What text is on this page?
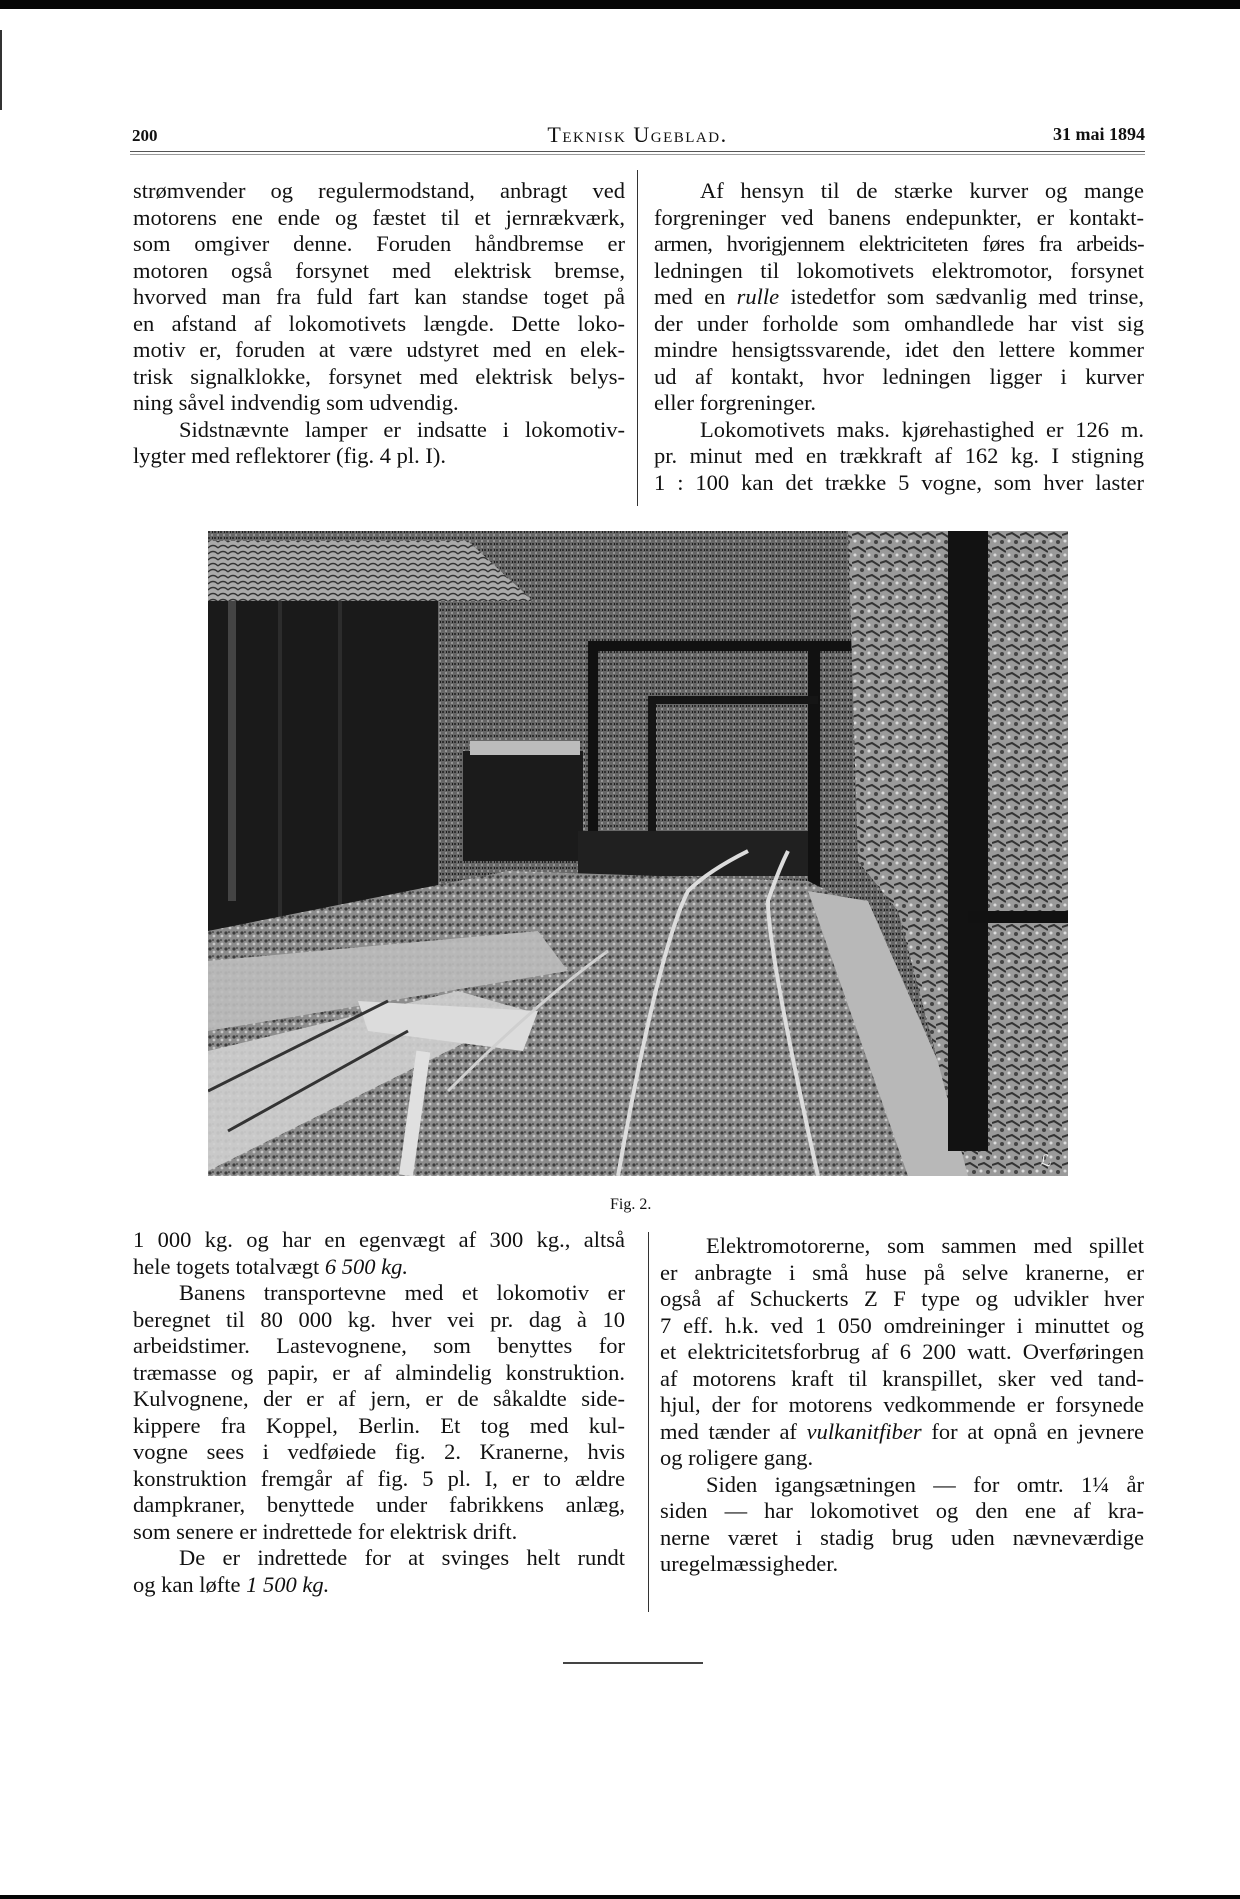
200	Teknisk Ugeblad.	31 mai 1894
strømvender og regulermodstand, anbragt ved
motorens ene ende og fæstet til et jernrækværk,
som omgiver denne. Foruden håndbremse er
motoren også forsynet med elektrisk bremse,
hvorved man fra fuld fart kan standse toget på
en afstand af lokomotivets længde. Dette loko-
motiv er, foruden at være udstyret med en elek-
trisk signalklokke, forsynet med elektrisk belys-
ning såvel indvendig som udvendig.
Sidstnævnte lamper er indsatte i lokomotiv-
lygter med reflektorer (fig. 4 pl. I).
Af hensyn til de stærke kurver og mange
forgreninger ved banens endepunkter, er kontakt-
armen, hvorigjennem elektriciteten føres fra arbeids-
ledningen til lokomotivets elektromotor, forsynet
med en rulle istedetfor som sædvanlig med trinse,
der under forholde som omhandlede har vist sig
mindre hensigtssvarende, idet den lettere kommer
ud af kontakt, hvor ledningen ligger i kurver
eller forgreninger.
Lokomotivets maks. kjørehastighed er 126 m.
pr. minut med en trækkraft af 162 kg. I stigning
1 : 100 kan det trække 5 vogne, som hver laster
ℒ
Fig. 2.
1 000 kg. og har en egenvægt af 300 kg., altså
hele togets totalvægt 6 500 kg.
Banens transportevne med et lokomotiv er
beregnet til 80 000 kg. hver vei pr. dag à 10
arbeidstimer. Lastevognene, som benyttes for
træmasse og papir, er af almindelig konstruktion.
Kulvognene, der er af jern, er de såkaldte side-
kippere fra Koppel, Berlin. Et tog med kul-
vogne sees i vedføiede fig. 2. Kranerne, hvis
konstruktion fremgår af fig. 5 pl. I, er to ældre
dampkraner, benyttede under fabrikkens anlæg,
som senere er indrettede for elektrisk drift.
De er indrettede for at svinges helt rundt
og kan løfte 1 500 kg.
Elektromotorerne, som sammen med spillet
er anbragte i små huse på selve kranerne, er
også af Schuckerts Z F type og udvikler hver
7 eff. h.k. ved 1 050 omdreininger i minuttet og
et elektricitetsforbrug af 6 200 watt. Overføringen
af motorens kraft til kranspillet, sker ved tand-
hjul, der for motorens vedkommende er forsynede
med tænder af vulkanitfiber for at opnå en jevnere
og roligere gang.
Siden igangsætningen — for omtr. 1¼ år
siden — har lokomotivet og den ene af kra-
nerne været i stadig brug uden nævneværdige
uregelmæssigheder.
